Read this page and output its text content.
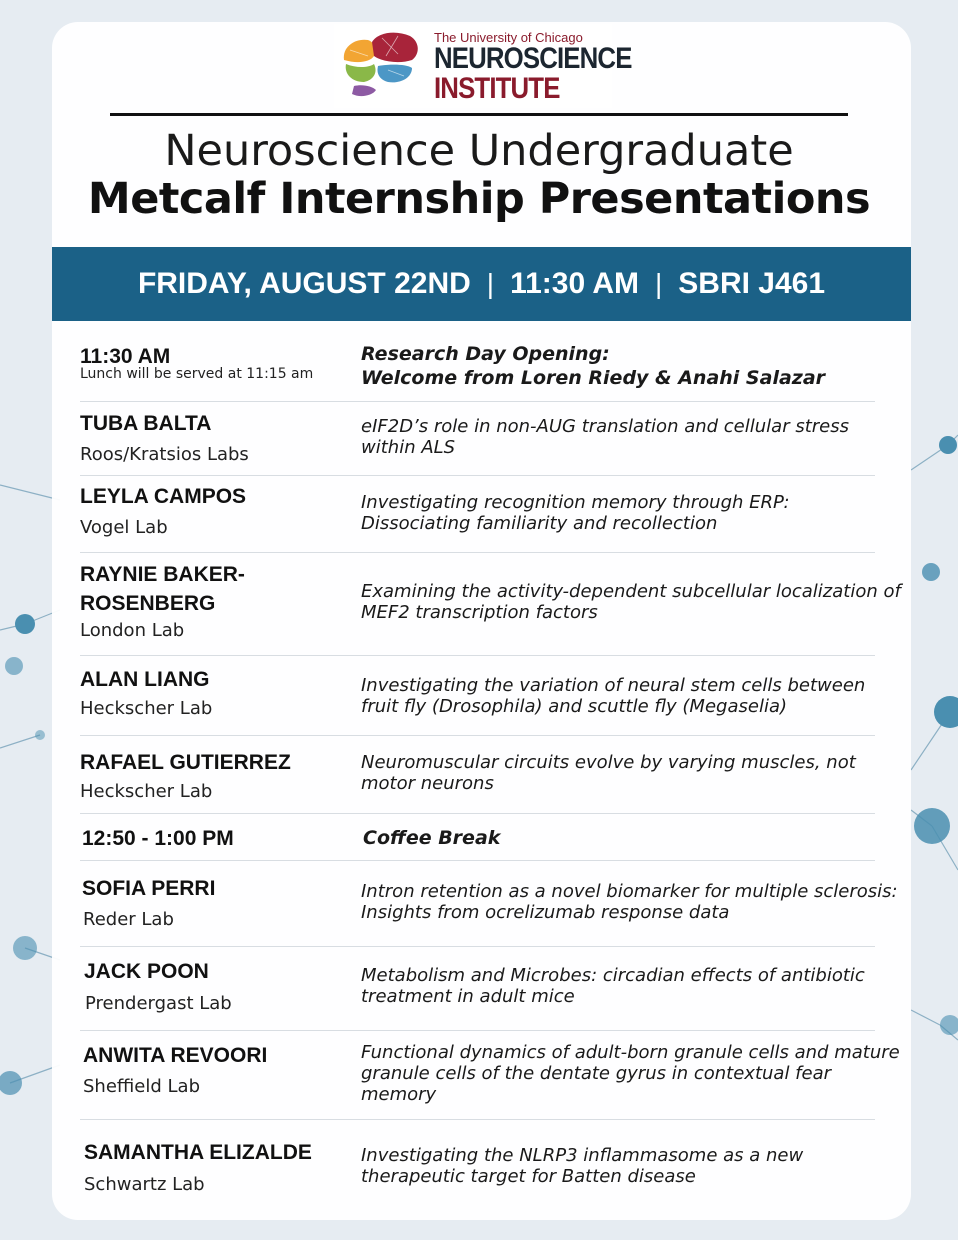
The University of Chicago
NEUROSCIENCE
INSTITUTE
Neuroscience Undergraduate
Metcalf Internship Presentations
FRIDAY, AUGUST 22ND | 11:30 AM | SBRI J461
11:30 AM
Lunch will be served at 11:15 am
Research Day Opening:
Welcome from Loren Riedy & Anahi Salazar
TUBA BALTA
Roos/Kratsios Labs
eIF2D’s role in non-AUG translation and cellular stress within ALS
LEYLA CAMPOS
Vogel Lab
Investigating recognition memory through ERP: Dissociating familiarity and recollection
RAYNIE BAKER-ROSENBERG
London Lab
Examining the activity-dependent subcellular localization of MEF2 transcription factors
ALAN LIANG
Heckscher Lab
Investigating the variation of neural stem cells between fruit fly (Drosophila) and scuttle fly (Megaselia)
RAFAEL GUTIERREZ
Heckscher Lab
Neuromuscular circuits evolve by varying muscles, not motor neurons
12:50 - 1:00 PM	Coffee Break
SOFIA PERRI
Reder Lab
Intron retention as a novel biomarker for multiple sclerosis: Insights from ocrelizumab response data
JACK POON
Prendergast Lab
Metabolism and Microbes: circadian effects of antibiotic treatment in adult mice
ANWITA REVOORI
Sheffield Lab
Functional dynamics of adult-born granule cells and mature granule cells of the dentate gyrus in contextual fear memory
SAMANTHA ELIZALDE
Schwartz Lab
Investigating the NLRP3 inflammasome as a new therapeutic target for Batten disease
